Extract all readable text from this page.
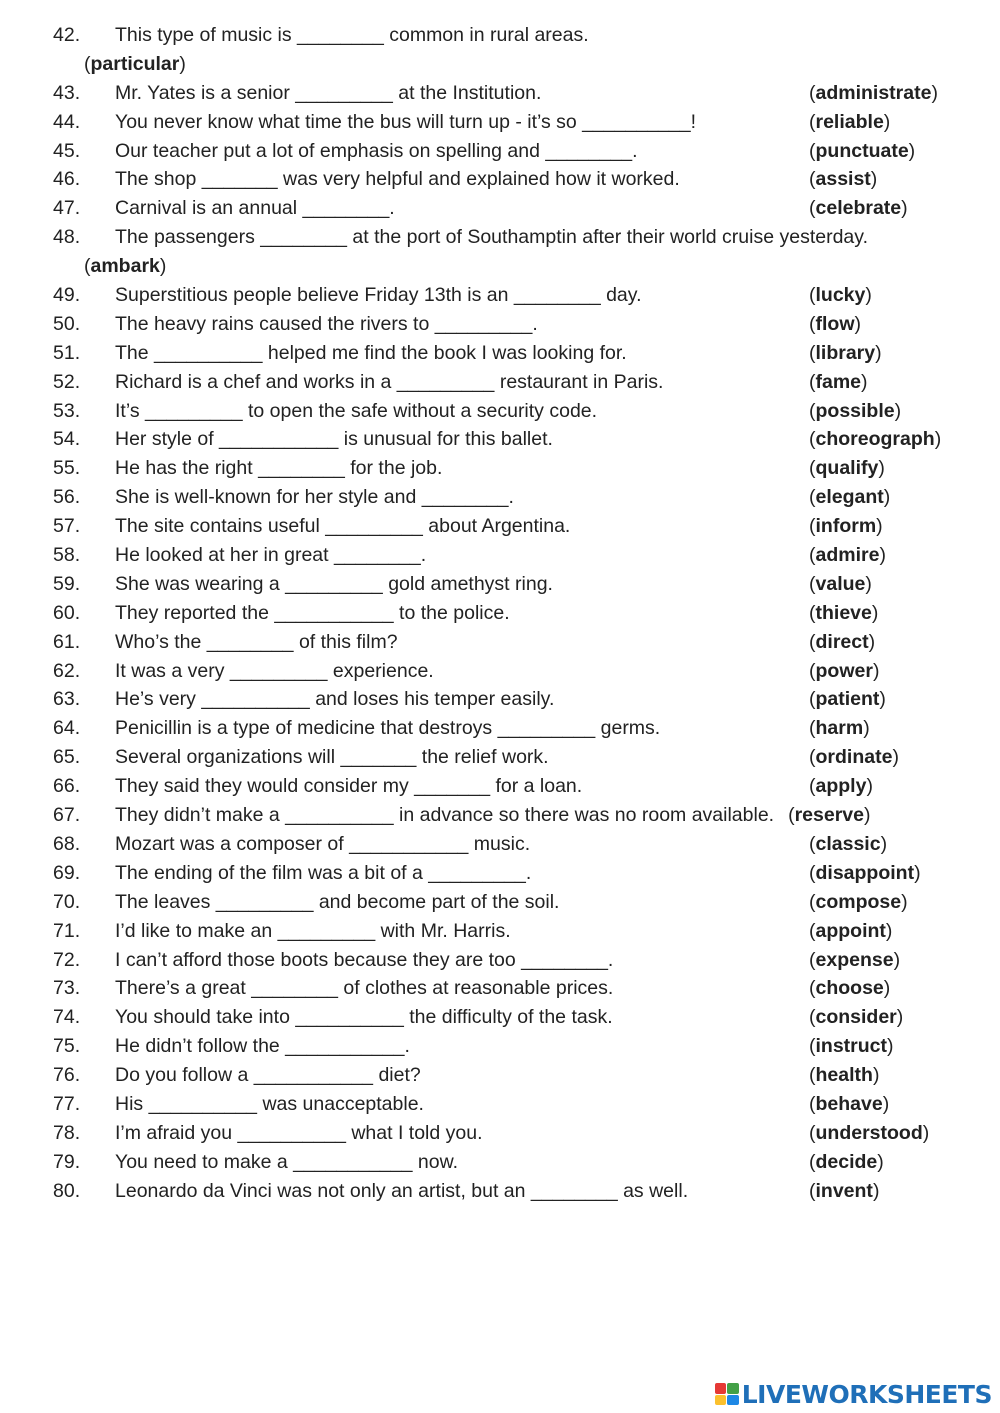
42. This type of music is ________ common in rural areas.
(particular)
43. Mr. Yates is a senior _________ at the Institution.	(administrate)
44. You never know what time the bus will turn up - it’s so __________!	(reliable)
45. Our teacher put a lot of emphasis on spelling and ________.	(punctuate)
46. The shop _______ was very helpful and explained how it worked.	(assist)
47. Carnival is an annual ________.	(celebrate)
48. The passengers ________ at the port of Southamptin after their world cruise yesterday.
(ambark)
49. Superstitious people believe Friday 13th is an ________ day.	(lucky)
50. The heavy rains caused the rivers to _________.	(flow)
51. The __________ helped me find the book I was looking for.	(library)
52. Richard is a chef and works in a _________ restaurant in Paris.	(fame)
53. It’s _________ to open the safe without a security code.	(possible)
54. Her style of ___________ is unusual for this ballet.	(choreograph)
55. He has the right ________ for the job.	(qualify)
56. She is well-known for her style and ________.	(elegant)
57. The site contains useful _________ about Argentina.	(inform)
58. He looked at her in great ________.	(admire)
59. She was wearing a _________ gold amethyst ring.	(value)
60. They reported the ___________ to the police.	(thieve)
61. Who’s the ________ of this film?	(direct)
62. It was a very _________ experience.	(power)
63. He’s very __________ and loses his temper easily.	(patient)
64. Penicillin is a type of medicine that destroys _________ germs.	(harm)
65. Several organizations will _______ the relief work.	(ordinate)
66. They said they would consider my _______ for a loan.	(apply)
67. They didn’t make a __________ in advance so there was no room available. (reserve)
68. Mozart was a composer of ___________ music.	(classic)
69. The ending of the film was a bit of a _________.	(disappoint)
70. The leaves _________ and become part of the soil.	(compose)
71. I’d like to make an _________ with Mr. Harris.	(appoint)
72. I can’t afford those boots because they are too ________.	(expense)
73. There’s a great ________ of clothes at reasonable prices.	(choose)
74. You should take into __________ the difficulty of the task.	(consider)
75. He didn’t follow the ___________.	(instruct)
76. Do you follow a ___________ diet?	(health)
77. His __________ was unacceptable.	(behave)
78. I’m afraid you __________ what I told you.	(understood)
79. You need to make a ___________ now.	(decide)
80. Leonardo da Vinci was not only an artist, but an ________ as well.	(invent)
LIVEWORKSHEETS
